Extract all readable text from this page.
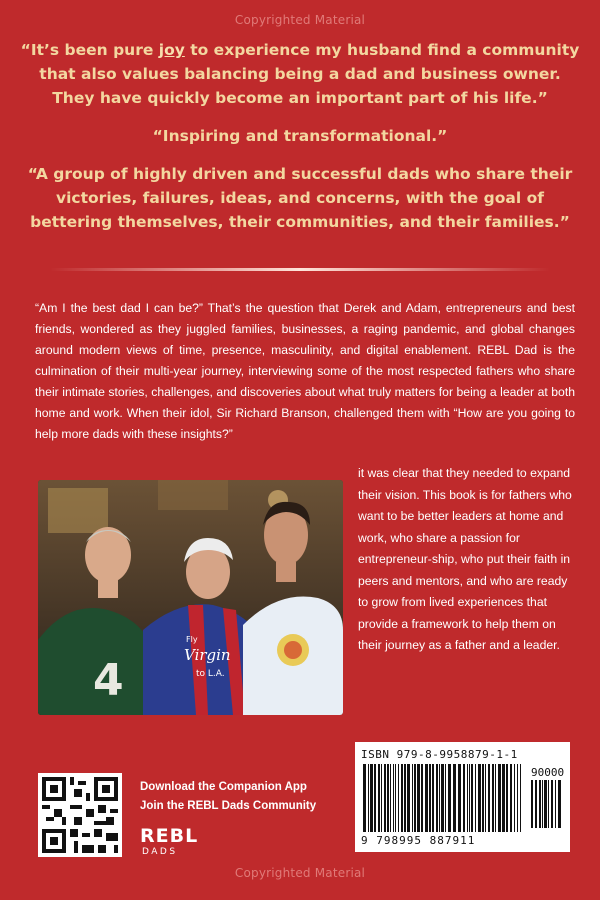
Copyrighted Material

“It’s been pure joy to experience my husband find a community that also values balancing being a dad and business owner. They have quickly become an important part of his life.”

“Inspiring and transformational.”

“A group of highly driven and successful dads who share their victories, failures, ideas, and concerns, with the goal of bettering themselves, their communities, and their families.”

“Am I the best dad I can be?” That’s the question that Derek and Adam, entrepreneurs and best friends, wondered as they juggled families, businesses, a raging pandemic, and global changes around modern views of time, presence, masculinity, and digital enablement. REBL Dad is the culmination of their multi-year journey, interviewing some of the most respected fathers who share their intimate stories, challenges, and discoveries about what truly matters for being a leader at both home and work. When their idol, Sir Richard Branson, challenged them with “How are you going to help more dads with these insights?”
4
Fly
Virgin
to L.A.
it was clear that they needed to expand their vision. This book is for fathers who want to be better leaders at home and work, who share a passion for entrepreneur-ship, who put their faith in peers and mentors, and who are ready to grow from lived experiences that provide a framework to help them on their journey as a father and a leader.
Download the Companion App
Join the REBL Dads Community
REBL
DADS
ISBN 979-8-9958879-1-1
90000
9 798995 887911
Copyrighted Material
